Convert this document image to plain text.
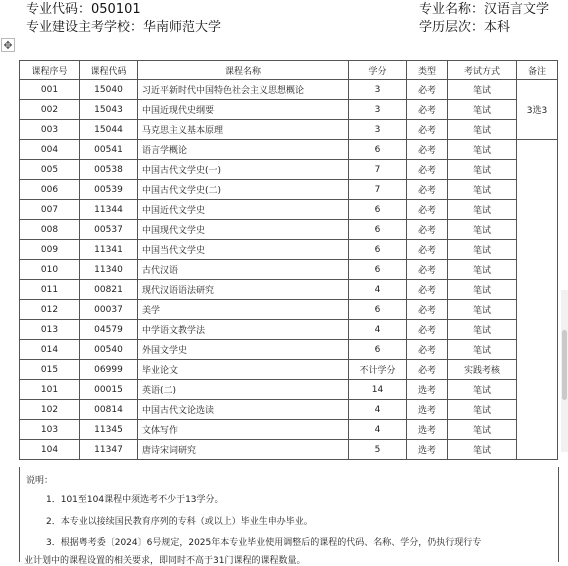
专业代码：050101
专业建设主考学校：华南师范大学
专业名称：汉语言文学
学历层次：本科
✥
课程序号	课程代码	课程名称	学分	类型	考试方式	备注
001	15040	习近平新时代中国特色社会主义思想概论	3	必考	笔试	3选3
002	15043	中国近现代史纲要	3	必考	笔试	
003	15044	马克思主义基本原理	3	必考	笔试	
004	00541	语言学概论	6	必考	笔试	
005	00538	中国古代文学史(一)	7	必考	笔试	
006	00539	中国古代文学史(二)	7	必考	笔试	
007	11344	中国近代文学史	6	必考	笔试	
008	00537	中国现代文学史	6	必考	笔试	
009	11341	中国当代文学史	6	必考	笔试	
010	11340	古代汉语	6	必考	笔试	
011	00821	现代汉语语法研究	4	必考	笔试	
012	00037	美学	6	必考	笔试	
013	04579	中学语文教学法	4	必考	笔试	
014	00540	外国文学史	6	必考	笔试	
015	06999	毕业论文	不计学分	必考	实践考核	
101	00015	英语(二)	14	选考	笔试	
102	00814	中国古代文论选读	4	选考	笔试	
103	11345	文体写作	4	选考	笔试	
104	11347	唐诗宋词研究	5	选考	笔试	
说明：
1．101至104课程中须选考不少于13学分。
2．本专业以接续国民教育序列的专科（或以上）毕业生申办毕业。
3．根据粤考委〔2024〕6号规定，2025年本专业毕业使用调整后的课程的代码、名称、学分，仍执行现行专
业计划中的课程设置的相关要求，即同时不高于31门课程的课程数量。
